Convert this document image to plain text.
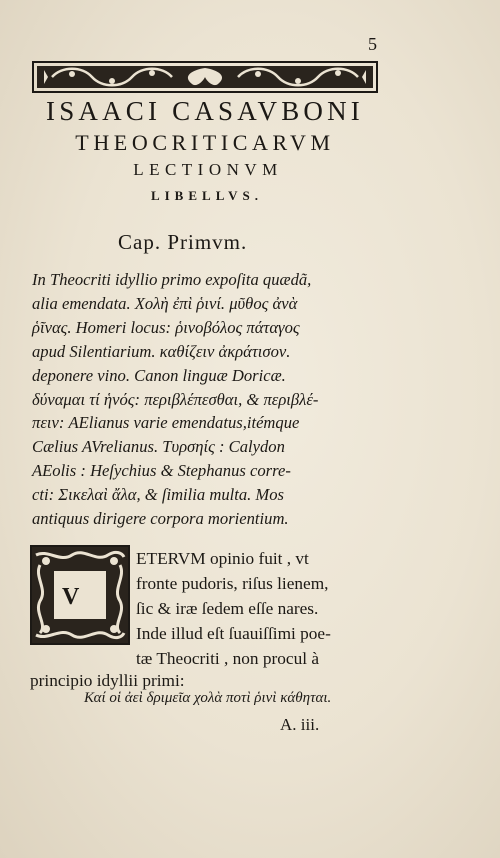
5
ISAACI CASAVBONI
THEOCRITICARVM
LECTIONVM
LIBELLVS.
Cap. Primvm.
In Theocriti idyllio primo expoſita quædã,
alia emendata. Χολὴ ἐπὶ ῥινί. μῦθος ἀνὰ
ῥῖνας. Homeri locus: ῥινοβόλος πάταγος
apud Silentiarium. καθίζειν ἀκράτισον.
deponere vino. Canon linguæ Doricæ.
δύναμαι τί ἡνός: περιβλέπεσθαι, & περιβλέ-
πειν: AElianus varie emendatus,itémque
Cælius AVrelianus. Τυρσηίς : Calydon
AEolis : Heſychius & Stephanus corre-
cti: Σικελαὶ ἄλα, & ſimilia multa. Mos
antiquus dirigere corpora morientium.
V
ETERVM opinio fuit , vt
fronte pudoris, riſus lienem,
ſic & iræ ſedem eſſe nares.
Inde illud eſt ſuauiſſimi poe-
tæ Theocriti , non procul à
principio idyllii primi:
Καί οἱ ἀεὶ δριμεῖα χολὰ ποτὶ ῥινὶ κάθηται.
A. iii.
